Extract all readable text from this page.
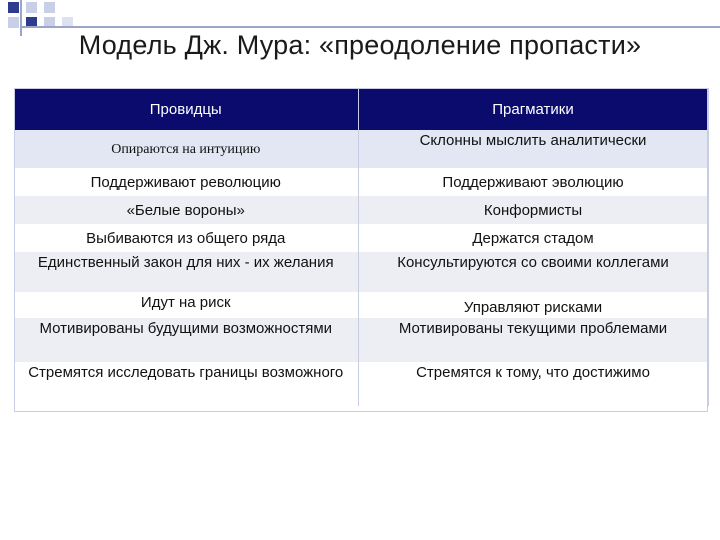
Модель Дж. Мура: «преодоление пропасти»
Провидцы	Прагматики
Опираются на интуицию	Склонны мыслить аналитически
Поддерживают революцию	Поддерживают эволюцию
«Белые вороны»	Конформисты
Выбиваются из общего ряда	Держатся стадом
Единственный закон для них - их желания	Консультируются со своими коллегами
Идут на риск	Управляют рисками
Мотивированы будущими возможностями	Мотивированы текущими проблемами
Стремятся исследовать границы возможного	Стремятся к тому, что достижимо
